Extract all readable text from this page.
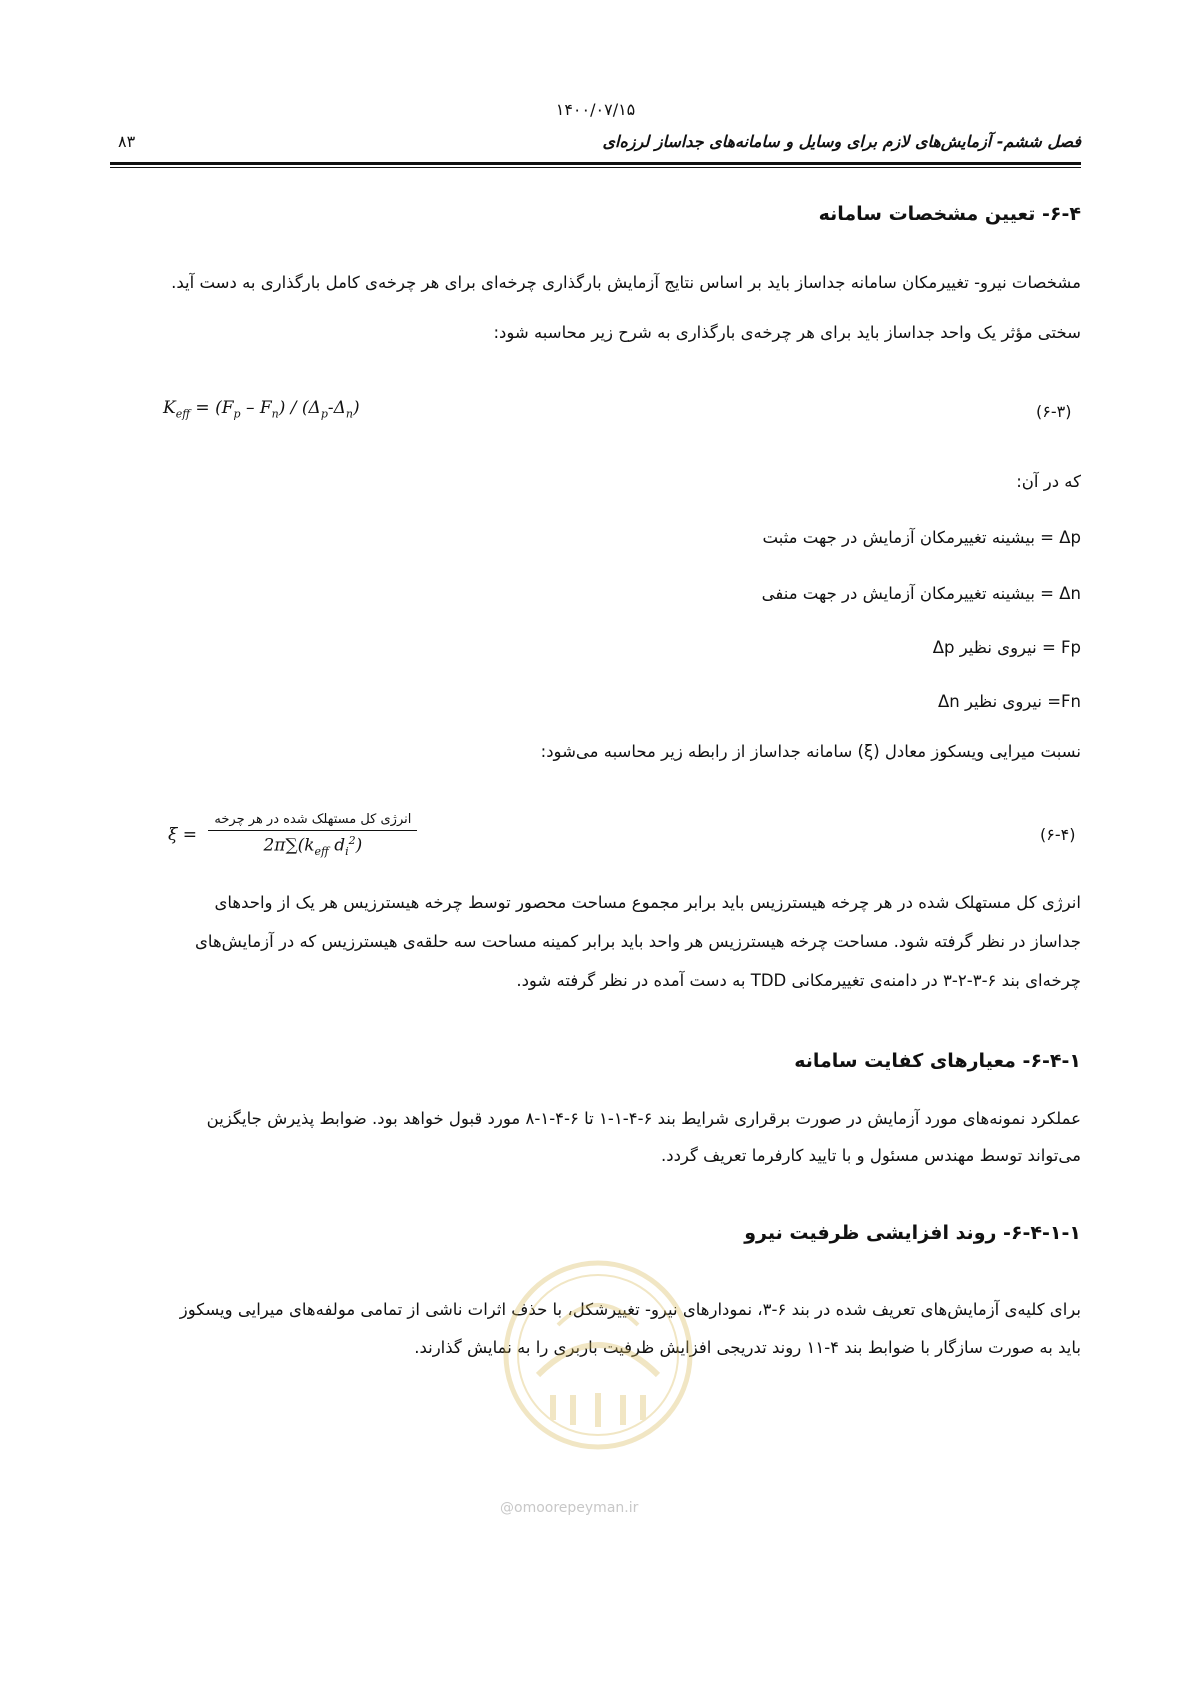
۱۴۰۰/۰۷/۱۵
فصل ششم- آزمایش‌های لازم برای وسایل و سامانه‌های جداساز لرزه‌ای
۸۳
۶-۴- تعیین مشخصات سامانه
مشخصات نیرو- تغییرمکان سامانه جداساز باید بر اساس نتایج آزمایش بارگذاری چرخه‌ای برای هر چرخه‌ی کامل بارگذاری به دست آید.
سختی مؤثر یک واحد جداساز باید برای هر چرخه‌ی بارگذاری به شرح زیر محاسبه شود:
$K_{eff} = (F_p - F_n) / (\Delta_p-\Delta_n)$	(۶-۳)
که در آن:
Δp = بیشینه تغییرمکان آزمایش در جهت مثبت
Δn = بیشینه تغییرمکان آزمایش در جهت منفی
Fp = نیروی نظیر Δp
Fn= نیروی نظیر Δn
نسبت میرایی ویسکوز معادل (ξ) سامانه جداساز از رابطه زیر محاسبه می‌شود:
$\xi = \frac{\text{انرژی کل مستهلک شده در هر چرخه}}{2\pi\sum(k_{eff} d_i^2)}$	(۶-۴)
انرژی کل مستهلک شده در هر چرخه هیسترزیس باید برابر مجموع مساحت محصور توسط چرخه هیسترزیس هر یک از واحدهای
جداساز در نظر گرفته شود. مساحت چرخه هیسترزیس هر واحد باید برابر کمینه مساحت سه حلقه‌ی هیسترزیس که در آزمایش‌های
چرخه‌ای بند ۶-۳-۲-۳ در دامنه‌ی تغییرمکانی TDD به دست آمده در نظر گرفته شود.
۶-۴-۱- معیارهای کفایت سامانه
عملکرد نمونه‌های مورد آزمایش در صورت برقراری شرایط بند ۶-۴-۱-۱ تا ۶-۴-۱-۸ مورد قبول خواهد بود. ضوابط پذیرش جایگزین
می‌تواند توسط مهندس مسئول و با تایید کارفرما تعریف گردد.
۶-۴-۱-۱- روند افزایشی ظرفیت نیرو
برای کلیه‌ی آزمایش‌های تعریف شده در بند ۶-۳، نمودارهای نیرو- تغییرشکل، با حذف اثرات ناشی از تمامی مولفه‌های میرایی ویسکوز
باید به صورت سازگار با ضوابط بند ۴-۱۱ روند تدریجی افزایش ظرفیت باربری را به نمایش گذارند.
@omoorepeyman.ir
